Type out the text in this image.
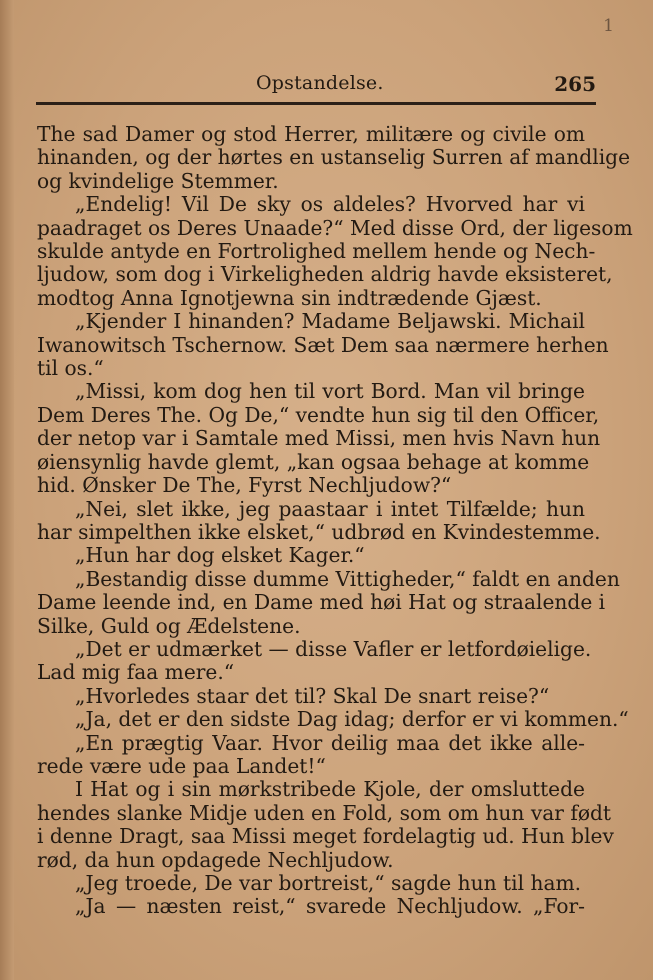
1
Opstandelse.	265
The sad Damer og stod Herrer, militære og civile om
hinanden, og der hørtes en ustanselig Surren af mandlige
og kvindelige Stemmer.
„Endelig! Vil De sky os aldeles? Hvorved har vi
paadraget os Deres Unaade?“ Med disse Ord, der ligesom
skulde antyde en Fortrolighed mellem hende og Nech-
ljudow, som dog i Virkeligheden aldrig havde eksisteret,
modtog Anna Ignotjewna sin indtrædende Gjæst.
„Kjender I hinanden? Madame Beljawski. Michail
Iwanowitsch Tschernow. Sæt Dem saa nærmere herhen
til os.“
„Missi, kom dog hen til vort Bord. Man vil bringe
Dem Deres The. Og De,“ vendte hun sig til den Officer,
der netop var i Samtale med Missi, men hvis Navn hun
øiensynlig havde glemt, „kan ogsaa behage at komme
hid. Ønsker De The, Fyrst Nechljudow?“
„Nei, slet ikke, jeg paastaar i intet Tilfælde; hun
har simpelthen ikke elsket,“ udbrød en Kvindestemme.
„Hun har dog elsket Kager.“
„Bestandig disse dumme Vittigheder,“ faldt en anden
Dame leende ind, en Dame med høi Hat og straalende i
Silke, Guld og Ædelstene.
„Det er udmærket — disse Vafler er letfordøielige.
Lad mig faa mere.“
„Hvorledes staar det til? Skal De snart reise?“
„Ja, det er den sidste Dag idag; derfor er vi kommen.“
„En prægtig Vaar. Hvor deilig maa det ikke alle-
rede være ude paa Landet!“
I Hat og i sin mørkstribede Kjole, der omsluttede
hendes slanke Midje uden en Fold, som om hun var født
i denne Dragt, saa Missi meget fordelagtig ud. Hun blev
rød, da hun opdagede Nechljudow.
„Jeg troede, De var bortreist,“ sagde hun til ham.
„Ja — næsten reist,“ svarede Nechljudow. „For-
